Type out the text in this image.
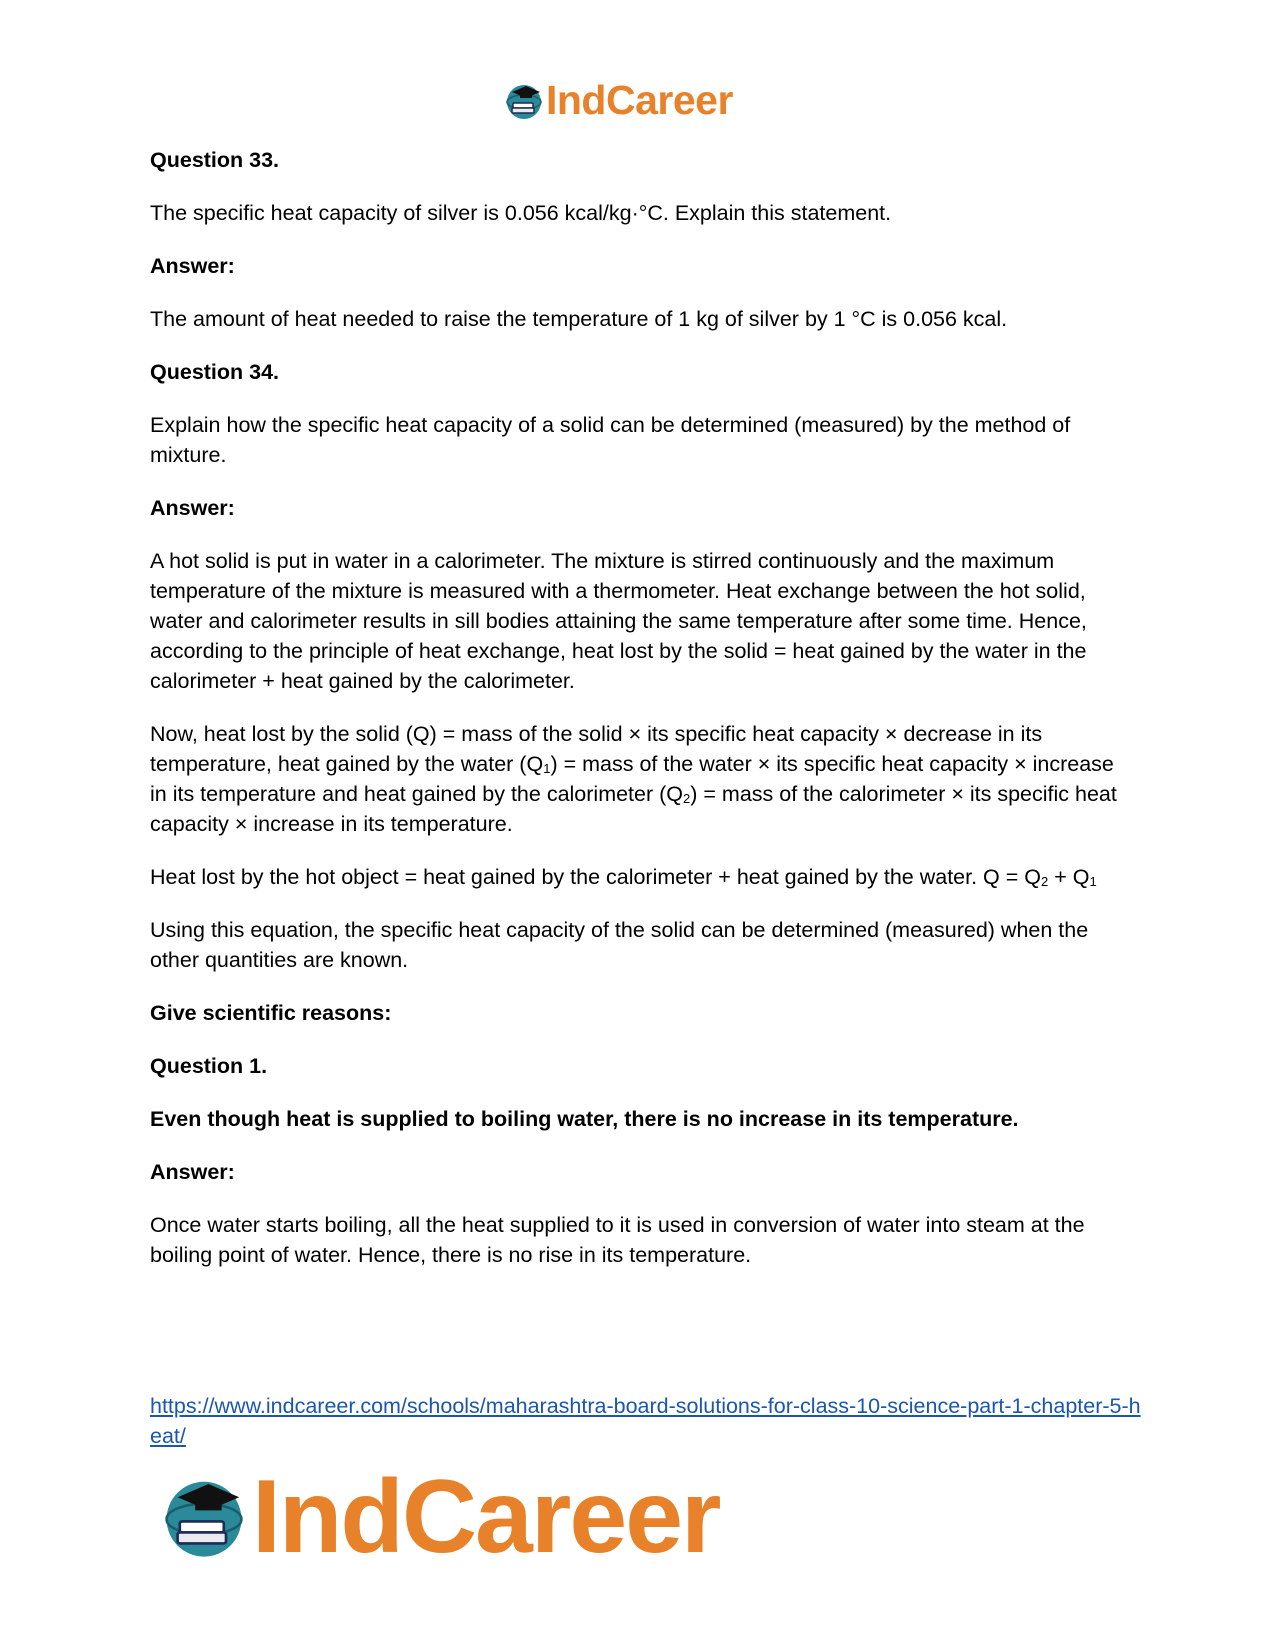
IndCareer

Question 33.

The specific heat capacity of silver is 0.056 kcal/kg·°C. Explain this statement.

Answer:

The amount of heat needed to raise the temperature of 1 kg of silver by 1 °C is 0.056 kcal.

Question 34.

Explain how the specific heat capacity of a solid can be determined (measured) by the method of mixture.

Answer:

A hot solid is put in water in a calorimeter. The mixture is stirred continuously and the maximum temperature of the mixture is measured with a thermometer. Heat exchange between the hot solid, water and calorimeter results in sill bodies attaining the same temperature after some time. Hence, according to the principle of heat exchange, heat lost by the solid = heat gained by the water in the calorimeter + heat gained by the calorimeter.

Now, heat lost by the solid (Q) = mass of the solid × its specific heat capacity × decrease in its temperature, heat gained by the water $(Q_1)$ = mass of the water × its specific heat capacity × increase in its temperature and heat gained by the calorimeter $(Q_2)$ = mass of the calorimeter × its specific heat capacity × increase in its temperature.

Heat lost by the hot object = heat gained by the calorimeter + heat gained by the water. $Q = Q_2 + Q_1$

Using this equation, the specific heat capacity of the solid can be determined (measured) when the other quantities are known.

Give scientific reasons:

Question 1.

Even though heat is supplied to boiling water, there is no increase in its temperature.

Answer:

Once water starts boiling, all the heat supplied to it is used in conversion of water into steam at the boiling point of water. Hence, there is no rise in its temperature.

https://www.indcareer.com/schools/maharashtra-board-solutions-for-class-10-science-part-1-chapter-5-heat/
IndCareer
